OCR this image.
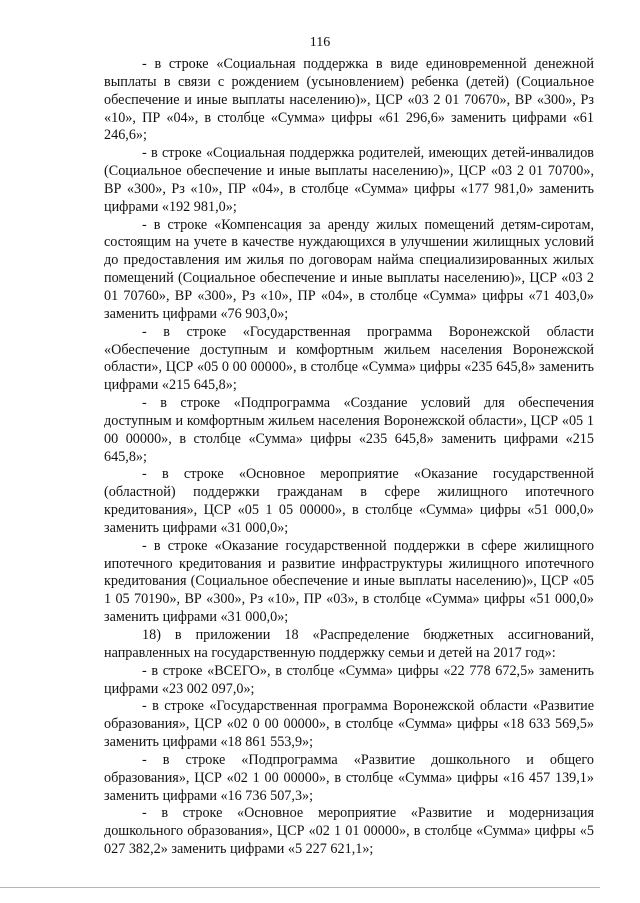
116

- в строке «Социальная поддержка в виде единовременной денежной выплаты в связи с рождением (усыновлением) ребенка (детей) (Социальное обеспечение и иные выплаты населению)», ЦСР «03 2 01 70670», ВР «300», Рз «10», ПР «04», в столбце «Сумма» цифры «61 296,6» заменить цифрами «61 246,6»;

- в строке «Социальная поддержка родителей, имеющих детей-инвалидов (Социальное обеспечение и иные выплаты населению)», ЦСР «03 2 01 70700», ВР «300», Рз «10», ПР «04», в столбце «Сумма» цифры «177 981,0» заменить цифрами «192 981,0»;

- в строке «Компенсация за аренду жилых помещений детям-сиротам, состоящим на учете в качестве нуждающихся в улучшении жилищных условий до предоставления им жилья по договорам найма специализированных жилых помещений (Социальное обеспечение и иные выплаты населению)», ЦСР «03 2 01 70760», ВР «300», Рз «10», ПР «04», в столбце «Сумма» цифры «71 403,0» заменить цифрами «76 903,0»;

- в строке «Государственная программа Воронежской области «Обеспечение доступным и комфортным жильем населения Воронежской области», ЦСР «05 0 00 00000», в столбце «Сумма» цифры «235 645,8» заменить цифрами «215 645,8»;

- в строке «Подпрограмма «Создание условий для обеспечения доступным и комфортным жильем населения Воронежской области», ЦСР «05 1 00 00000», в столбце «Сумма» цифры «235 645,8» заменить цифрами «215 645,8»;

- в строке «Основное мероприятие «Оказание государственной (областной) поддержки гражданам в сфере жилищного ипотечного кредитования», ЦСР «05 1 05 00000», в столбце «Сумма» цифры «51 000,0» заменить цифрами «31 000,0»;

- в строке «Оказание государственной поддержки в сфере жилищного ипотечного кредитования и развитие инфраструктуры жилищного ипотечного кредитования (Социальное обеспечение и иные выплаты населению)», ЦСР «05 1 05 70190», ВР «300», Рз «10», ПР «03», в столбце «Сумма» цифры «51 000,0» заменить цифрами «31 000,0»;

18) в приложении 18 «Распределение бюджетных ассигнований, направленных на государственную поддержку семьи и детей на 2017 год»:

- в строке «ВСЕГО», в столбце «Сумма» цифры «22 778 672,5» заменить цифрами «23 002 097,0»;

- в строке «Государственная программа Воронежской области «Развитие образования», ЦСР «02 0 00 00000», в столбце «Сумма» цифры «18 633 569,5» заменить цифрами «18 861 553,9»;

- в строке «Подпрограмма «Развитие дошкольного и общего образования», ЦСР «02 1 00 00000», в столбце «Сумма» цифры «16 457 139,1» заменить цифрами «16 736 507,3»;

- в строке «Основное мероприятие «Развитие и модернизация дошкольного образования», ЦСР «02 1 01 00000», в столбце «Сумма» цифры «5 027 382,2» заменить цифрами «5 227 621,1»;
